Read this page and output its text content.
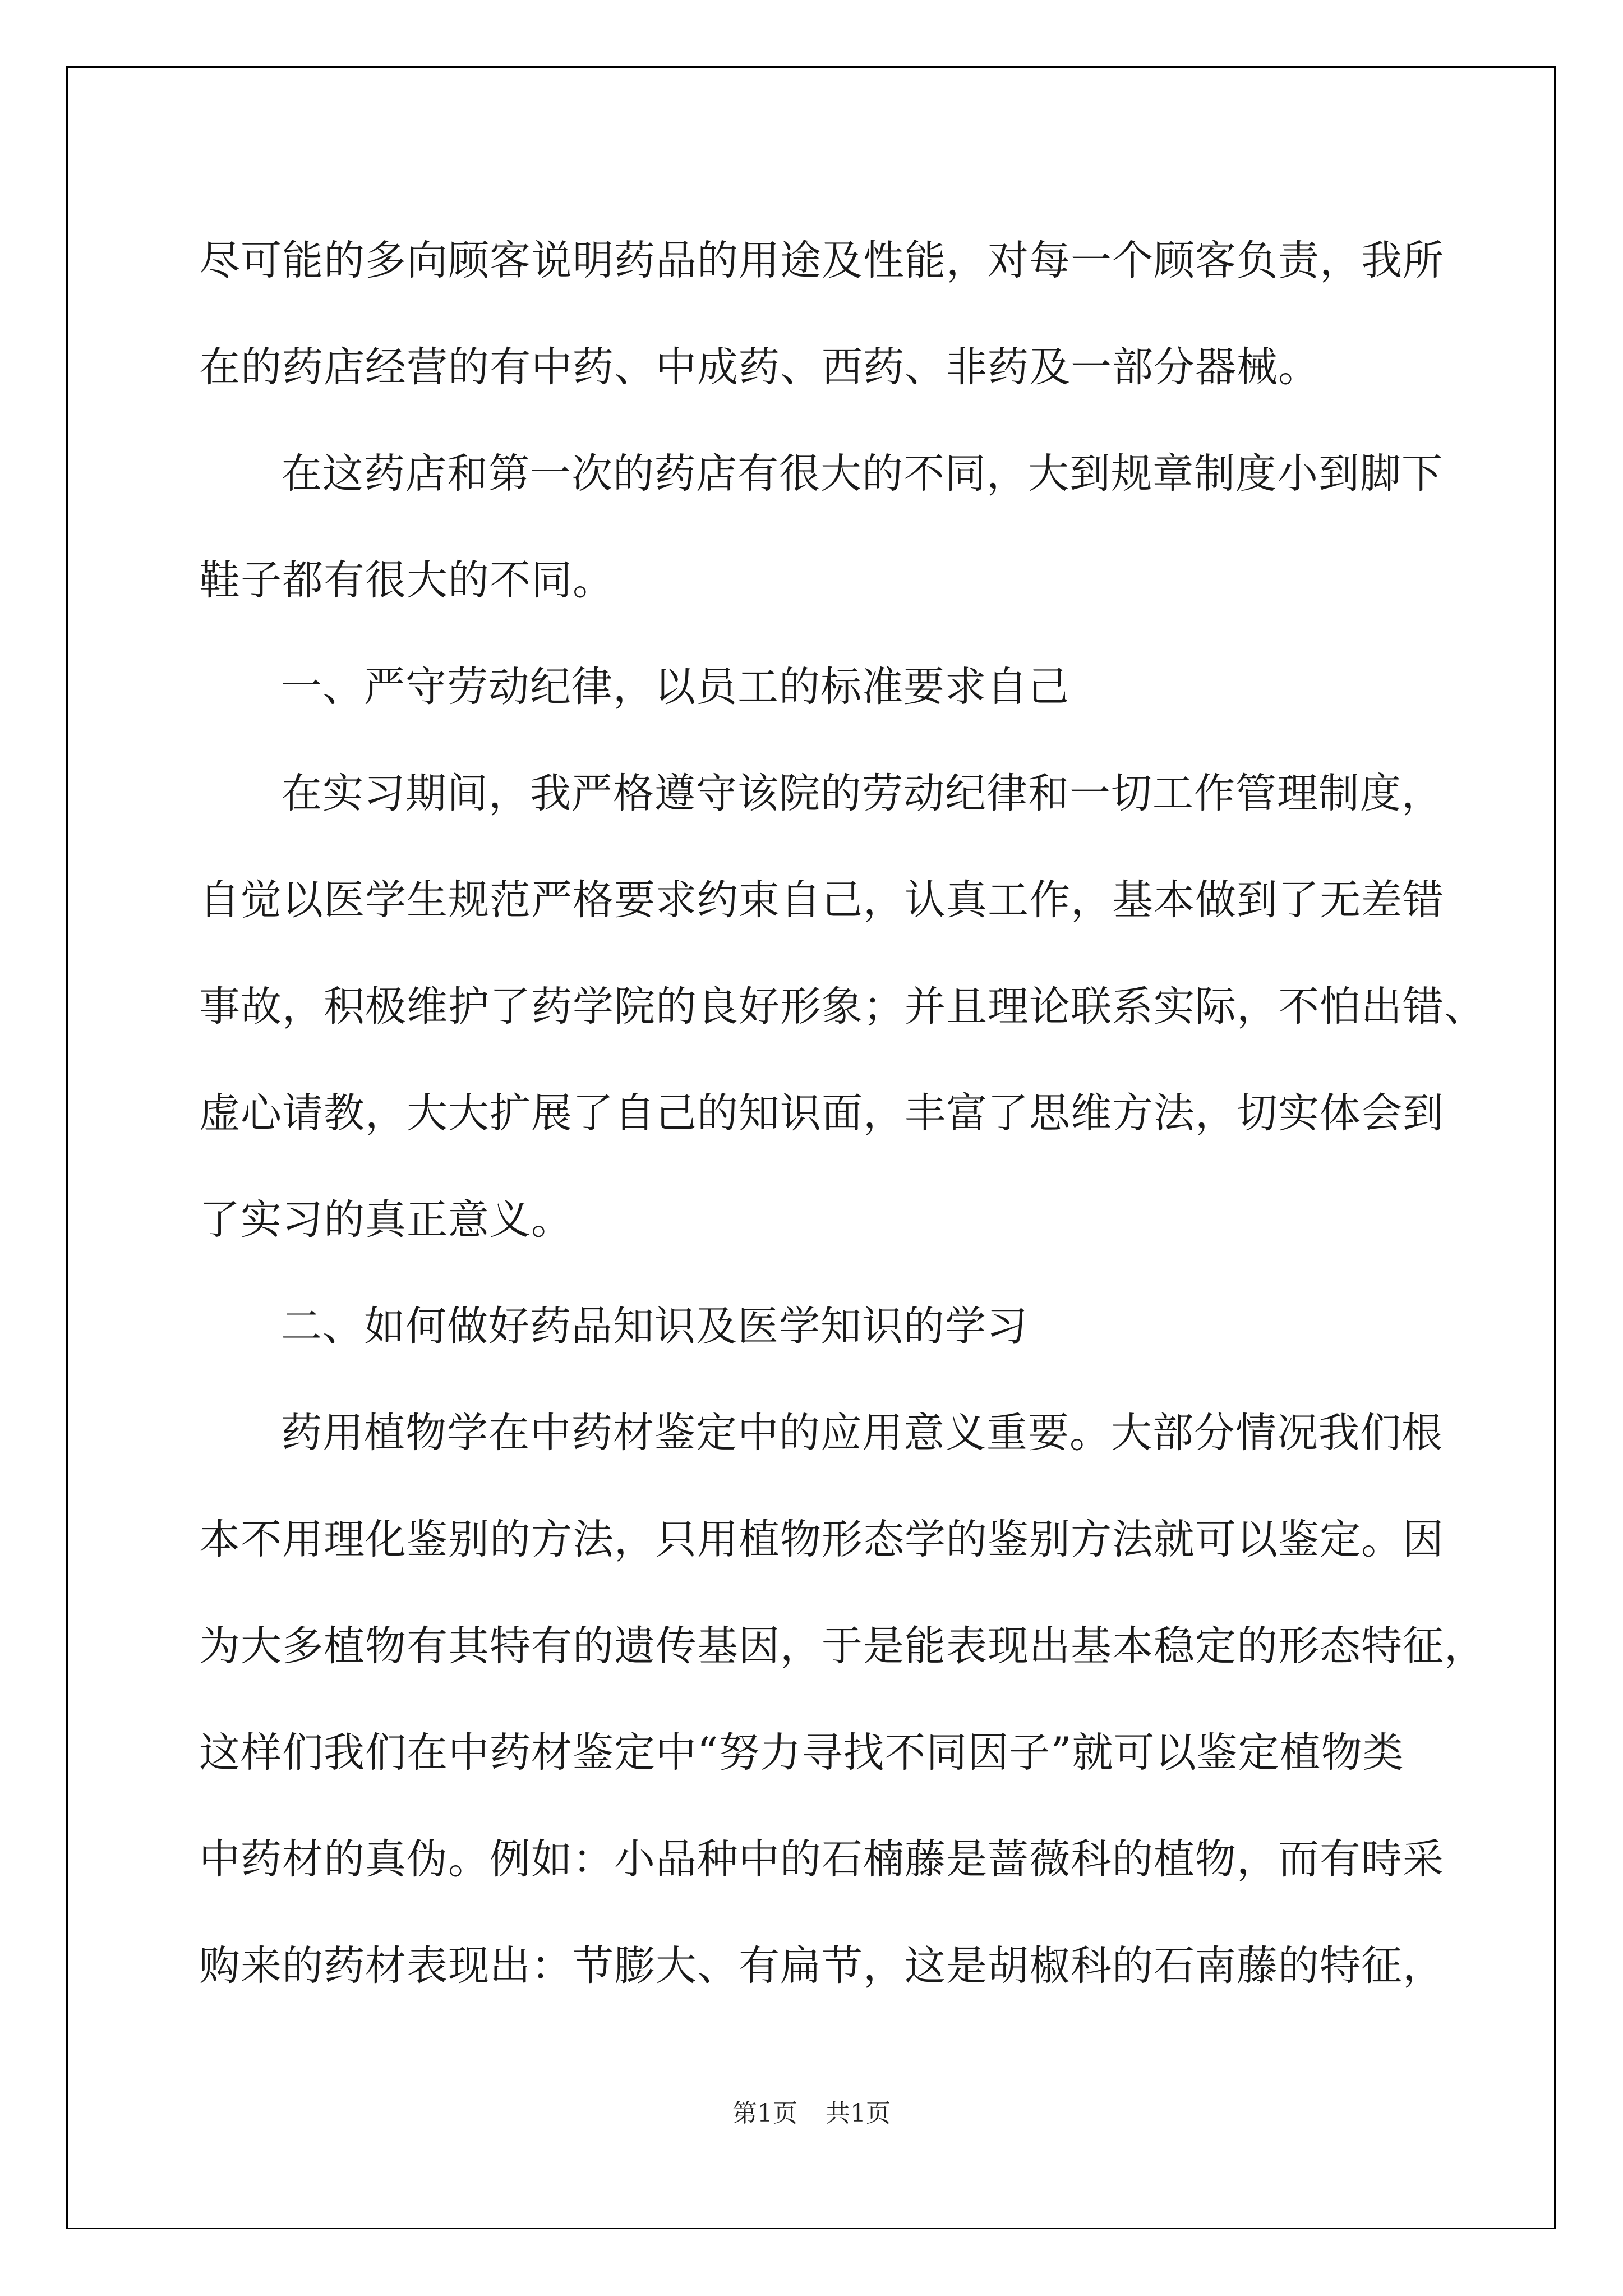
尽可能的多向顾客说明药品的用途及性能，对每一个顾客负责，我所
在的药店经营的有中药、中成药、西药、非药及一部分器械。
在这药店和第一次的药店有很大的不同，大到规章制度小到脚下
鞋子都有很大的不同。
一、严守劳动纪律，以员工的标准要求自己
在实习期间，我严格遵守该院的劳动纪律和一切工作管理制度，
自觉以医学生规范严格要求约束自己，认真工作，基本做到了无差错
事故，积极维护了药学院的良好形象；并且理论联系实际，不怕出错、
虚心请教，大大扩展了自己的知识面，丰富了思维方法，切实体会到
了实习的真正意义。
二、如何做好药品知识及医学知识的学习
药用植物学在中药材鉴定中的应用意义重要。大部分情况我们根
本不用理化鉴别的方法，只用植物形态学的鉴别方法就可以鉴定。因
为大多植物有其特有的遗传基因，于是能表现出基本稳定的形态特征，
这样们我们在中药材鉴定中“努力寻找不同因子”就可以鉴定植物类
中药材的真伪。例如：小品种中的石楠藤是蔷薇科的植物，而有時采
购来的药材表现出：节膨大、有扁节，这是胡椒科的石南藤的特征，
第1页 共1页
